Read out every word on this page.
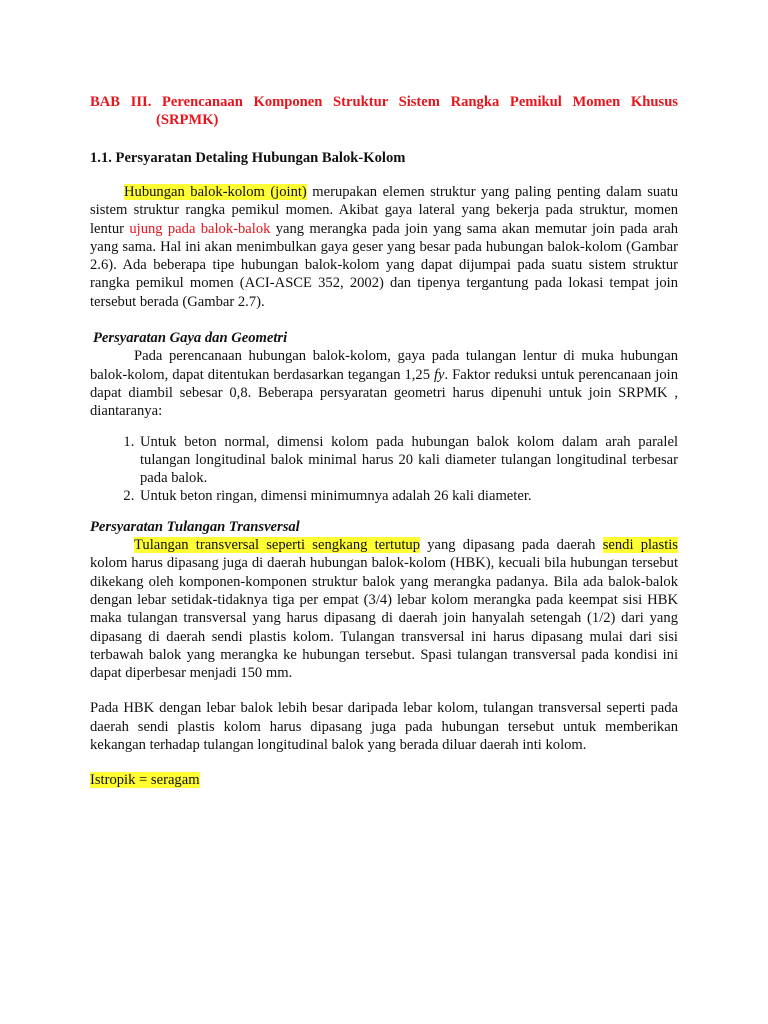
BAB III. Perencanaan Komponen Struktur Sistem Rangka Pemikul Momen Khusus
(SRPMK)
1.1. Persyaratan Detaling Hubungan Balok-Kolom

Hubungan balok-kolom (joint) merupakan elemen struktur yang paling penting dalam suatu sistem struktur rangka pemikul momen. Akibat gaya lateral yang bekerja pada struktur, momen lentur ujung pada balok-balok yang merangka pada join yang sama akan memutar join pada arah yang sama. Hal ini akan menimbulkan gaya geser yang besar pada hubungan balok-kolom (Gambar 2.6). Ada beberapa tipe hubungan balok-kolom yang dapat dijumpai pada suatu sistem struktur rangka pemikul momen (ACI-ASCE 352, 2002) dan tipenya tergantung pada lokasi tempat join tersebut berada (Gambar 2.7).

Persyaratan Gaya dan Geometri

Pada perencanaan hubungan balok-kolom, gaya pada tulangan lentur di muka hubungan balok-kolom, dapat ditentukan berdasarkan tegangan 1,25 fy. Faktor reduksi untuk perencanaan join dapat diambil sebesar 0,8. Beberapa persyaratan geometri harus dipenuhi untuk join SRPMK , diantaranya:

1. Untuk beton normal, dimensi kolom pada hubungan balok kolom dalam arah paralel tulangan longitudinal balok minimal harus 20 kali diameter tulangan longitudinal terbesar pada balok.
2. Untuk beton ringan, dimensi minimumnya adalah 26 kali diameter.

Persyaratan Tulangan Transversal

Tulangan transversal seperti sengkang tertutup yang dipasang pada daerah sendi plastis kolom harus dipasang juga di daerah hubungan balok-kolom (HBK), kecuali bila hubungan tersebut dikekang oleh komponen-komponen struktur balok yang merangka padanya. Bila ada balok-balok dengan lebar setidak-tidaknya tiga per empat (3/4) lebar kolom merangka pada keempat sisi HBK maka tulangan transversal yang harus dipasang di daerah join hanyalah setengah (1/2) dari yang dipasang di daerah sendi plastis kolom. Tulangan transversal ini harus dipasang mulai dari sisi terbawah balok yang merangka ke hubungan tersebut. Spasi tulangan transversal pada kondisi ini dapat diperbesar menjadi 150 mm.

Pada HBK dengan lebar balok lebih besar daripada lebar kolom, tulangan transversal seperti pada daerah sendi plastis kolom harus dipasang juga pada hubungan tersebut untuk memberikan kekangan terhadap tulangan longitudinal balok yang berada diluar daerah inti kolom.

Istropik = seragam
